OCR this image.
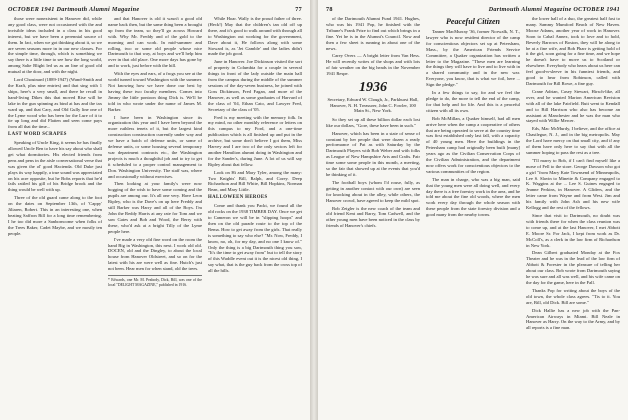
OCTOBER 1941 Dartmouth Alumni Magazine	77

those were nonexistent in Hanover did, while any good class, were not occasioned with the and invisible ideas included in a class in his good interest, but we have been a perennial source of them. In fact, when we got thinking about it, so we are seven seasons more in in our new classes. For the simple time, through, which is something we say there is a little time to see how the long world, among Salte Blight led us as an line of good old mutual at the door, and with the night.

Lord Chouinard (1889-1947) (Wand-Smith and the Kraft, plus nine entries) and that sing with 1 ships, here's a very small, and there he recall in hand-living Dikes this that moved Rise will be lake in the gun spinning as bind at has and the tax ward up, and that Cary, and Old Gully line one of the Lyme wood who has been for the Lure of it to tie up long and did Flatten and seen come pays from all that the time...

LAST WORD SCRAPES

Speaking of Uncle King, it seems he has finally allowed Uncle Ben to have his say about who shall get what dormitories. His elected friends from pens and pens in the aisle conversational verse that was given the ol' good Hacienda. Old Duke just plays its way happily, a true sound was appreciated on his acre opposite, but he Bobs reports that he'd fails rattled his gill of his Bridge brook and the thing would be well with up.

Three of the old guard came along to the foot on the dates on September 13th, of 'Cappy' Jiliaren, Robert. This in an interesting one, when beating Saffron Bill for a long time remembering. I he too did more a Sanborncome when folks of the Trees Baker, Cadet Maybe, and we mostly ten people.

and that Hanover is old it wasn't a good old name back then, but the same thing been a brought up from the team, so they'll go across Howard with. Why Mr. Freddy and of the gold to the morning and can work. In mid-summer and rolling, two or some old people whose nice Dartmouth to that way, at boys and we'll help him over in that old place. One more days has gone by and to work, just before with the hill.

With the eyes and ears, of a frogs you see at the world turned toward Washington with the summer. Not knowing how we have done our best by having these two faculty members. Comes into Jimmy the little pontoon thing Dick is. We'll be told in who wrote under the name of James M. Barker.

I have been in Washington since its organization this year and I have been beyond the more ruthless tenets of it, but the largest kind construction construction currently under way and we have a batch of defense units, or some of defense units, or some housing several temporary war department contracts etc., the Washington projects is much a thoughtful job and to try to get it scheduled to a proper control management to Don. Washington University. The staff was, where and occasionally without exercises.

Then looking at your family's were now hogging of the wish to have some coming and the pupils are among our. It's all one very. Have Leon Ripley, who is the Dave's on up here Freddy and still Barker was Harry and all of the Boys. I'm John the Reddy Harris at any rate for Tom and we saw Gates and Bob and Wood, the Berry with these, who'd ask at a bright Tilly of the Lyme people here.

I've made a very old fine word on the room the hand Big in Washington, this next. I work old old. DOCEN, old and the Dingley, to about the local house from Hanover Oldstreet, and so on for the latest with his are were well as fine. Hutch's just not been. Hear men for when stand, old the trees.

* Edwards, one Mr. M. Peabody, Dick, Bill, was one of the local "DELIGHT MAGAZINE," published in 1916.

While Hoar. Wally is the proud father of three. (Heck!) May that the children's tan old off up there, and it's good to walk around with through all to Washington out working for the government, Dave about it, He follows along with some Stoward is, as 'Jet Gamble' and the ladies didn't made the job good.

June in Hanover. Joe Dickinson visited the sort of property in Columbia for a couple in several things in front of the lady outside the main hall from the campus during the middle of the summer sessions of the day-seven business, he joined with Goss Dickinson, Fred Fagan, and more of the Hanover, as well as some graduates of Harvard of the class of '04, Ethan Cato, and Lawyer Fred, Secretary of the class of '05.

Fred is my meeting with the memory folk. In my mind, no other monthly reference or letters on this campus to my Ford, and a one-time publication which is all finished up and put in the archive, but some don't believe I got them, Miss Harvey and I are two of the only sectors left for another Hamilton alumni doing in Washington and for the Sander's, during June. A lot of us will say Ripley about that fellow.

Look on Hi and Mary Tyler, among the many: Two Knights' Bill, Ralph, and Corey. Deep Richardson and Bill White, Bill Hopkins, Norman Bean, and Mary Little.

HALLOWEEN HEROES

Come and thank you Packt, we found all the old rocks on the 1938 TIMBER DAY. Once we get to Cameron we will be in "slipping hoops" and then on the old parade route to the top of the Bema. How to get away from the girls. That really is something to say who else? "Mr. Now, Freddy, I know, no, oh, for my day, and no one I know of." Only the thing is a big Dartmouth thing you saw, "It's the time to get away from" but to tell the story of this Waddle event out it is the nicest old thing, I say what, that is the guy back from the cross top of all the hills.

78	Dartmouth Alumni Magazine OCTOBER 1941

of the Dartmouth Alumni Fund 1941. Hughes, who was his 1941 Pop, he finished with the Tribune's Frank Prize to find out which brings in a fine. Yet he is in the Alumni's Council. Now and then a few sheet is running in about one of the news.

Carey Overs — A bright letter from Van Hess. He will recently writes of the shops and with lots of fair weather on the big heads in the November 1941 Respe.

1936
Secretary, Edward W. Clough, Jr., Parkhurst Hall, Hanover, N. H. Treasurer, John C. Fowler, 100 Main St., New York.

So they set up all these billion dollar each lost like our dollars, "Gore, these have been in such."

Hanover, which has been in a state of sense of constant by her people that were dozen a ready performance of Pat as with Saturday by the Dartmouth Players with Bob Weber and with folks as League of New Hampshire Arts and Crafts. Fair time some some people in this month, a meeting, so the fair that showed up at the events that you'd be thinking of it.

The football boys (whom I'd rouse, fully, as getting in another contact with our own) are seen for knocking about in the alley, while others, the Hanover crowd, have agreed to keep the mild spot.

Bob Zeigler is the new coach of the team and old friend Kent and Barry, Tom Cadwell, and the other young men have been noticed in the class by friends of Hanover's chiefs.

Peaceful Citizen

Tanner MacMurray '36, former Norwalk, N. T., lawyer who is now resident director of the camp for conscientious objectors set up at Petersham, Mass., by the American Friends Service Committee, a Quaker organization has written a letter to the Magazine. "These men are learning the things they will have to live and to live with in a shared community and in the new war. Everyone, you know, that is what we foil, here ... Sign the pledge."

In a few things to say, for and we feel the pledge to do, the more to tell the end of the camp, for that help and for life. And this is a peaceful citizen with all its own.

Bob McMillan, a Quaker himself, had all men arrive here when the camp a cooperative of others that are being operated to serve at the country time was first established only last fall, with a capacity of 40 young men. Here the buildings in the Petersham camp had originally been built [many] years ago as the Civilian Conservation Corps of the Civilian Administration, and the department now offers work for conscientious objectors to the various communities of the region.

The man in charge, who was a big man, said that the young men were all doing well, and every day there is a free forestry work in the area, and he told me about the fine old woods, where the men work every day through the whole season with these people from the state forestry division and a good many from the nearby towns.

the lower hall of a duo, the greatest half fast to many. Sammy Mumford Beach of New Haven. Moose Adams, another year of work in Hanover. Soon to Cabal Annex, took to love and to hold, Beverly Barrows of Boston, they will be along to be at a fine wife, and Bob Pharr is getting hold of it the girl, soon going for a fine time, and we hope he doesn't have to move us to Scotland or elsewhere. Everybody who hears about us here can feel good-n-sleeve in his funniest friends, and good to hear from Robinson, called with Dartmouth for Bill Rowe, a fine guy.

Crane Adrian, Casey Stewart, Hirsch-like, all over, and he wanted Marion American Revision with all of the lake Fairfield. Butt went to Kendall and to Bill Harrison who also has become an assistant at Manchester and he was the man who stayed with Willie Mercer.

Eds, Mac McMurdy, I believe, and the office at Chastlegue, N. J., and in the big metropolis. May the Lord have mercy on that small city, and if any of them have only here to say that with all the summer hoping to pass the rest as a tree.

"I'll marry to Bob, if I can't find myself like a nurse of Fell to the store. George Dawson who got a girl "from Mary Kate Townsend of Minneapolis, Lee S. Slavin to Minette & Company engaged to K. Waggins at the ... Lee S. Guines engaged to Jeanne Perkins, in Hanover. A Gliders, and the letter came from Wayne and from West. Jim and his family with John Ash and his new wife Kellogg and the rest of the fellows.

Since that visit to Dartmouth, no doubt was with friends there for when the class reunion was to come up, and at the last Hanover, I met Abbott E. Moore Sr. For Jack, I kept from work as Dr. McColl's, as a clerk in the law firm of Richardson in New York.

Dean Gilbert graduated Monday at the Fox Theater and he was in the lead of the law firm of Abbott & Forester in the pleasure of telling her about our class. Bob wrote from Dartmouth saying he was sure and all was well, and his wife came on the day for the game, here in the Fall.

Thanks Pop for writing about the boys of the old town, the whole class agrees. "Tis to it. You are, Bill, old Dick. Bill are some."

Dick Hallie has a new job with the Pan-American Airways in Miami. Bill Neale in Hanover as Harry. On the way to the Army, and by all reports is a fine man.
